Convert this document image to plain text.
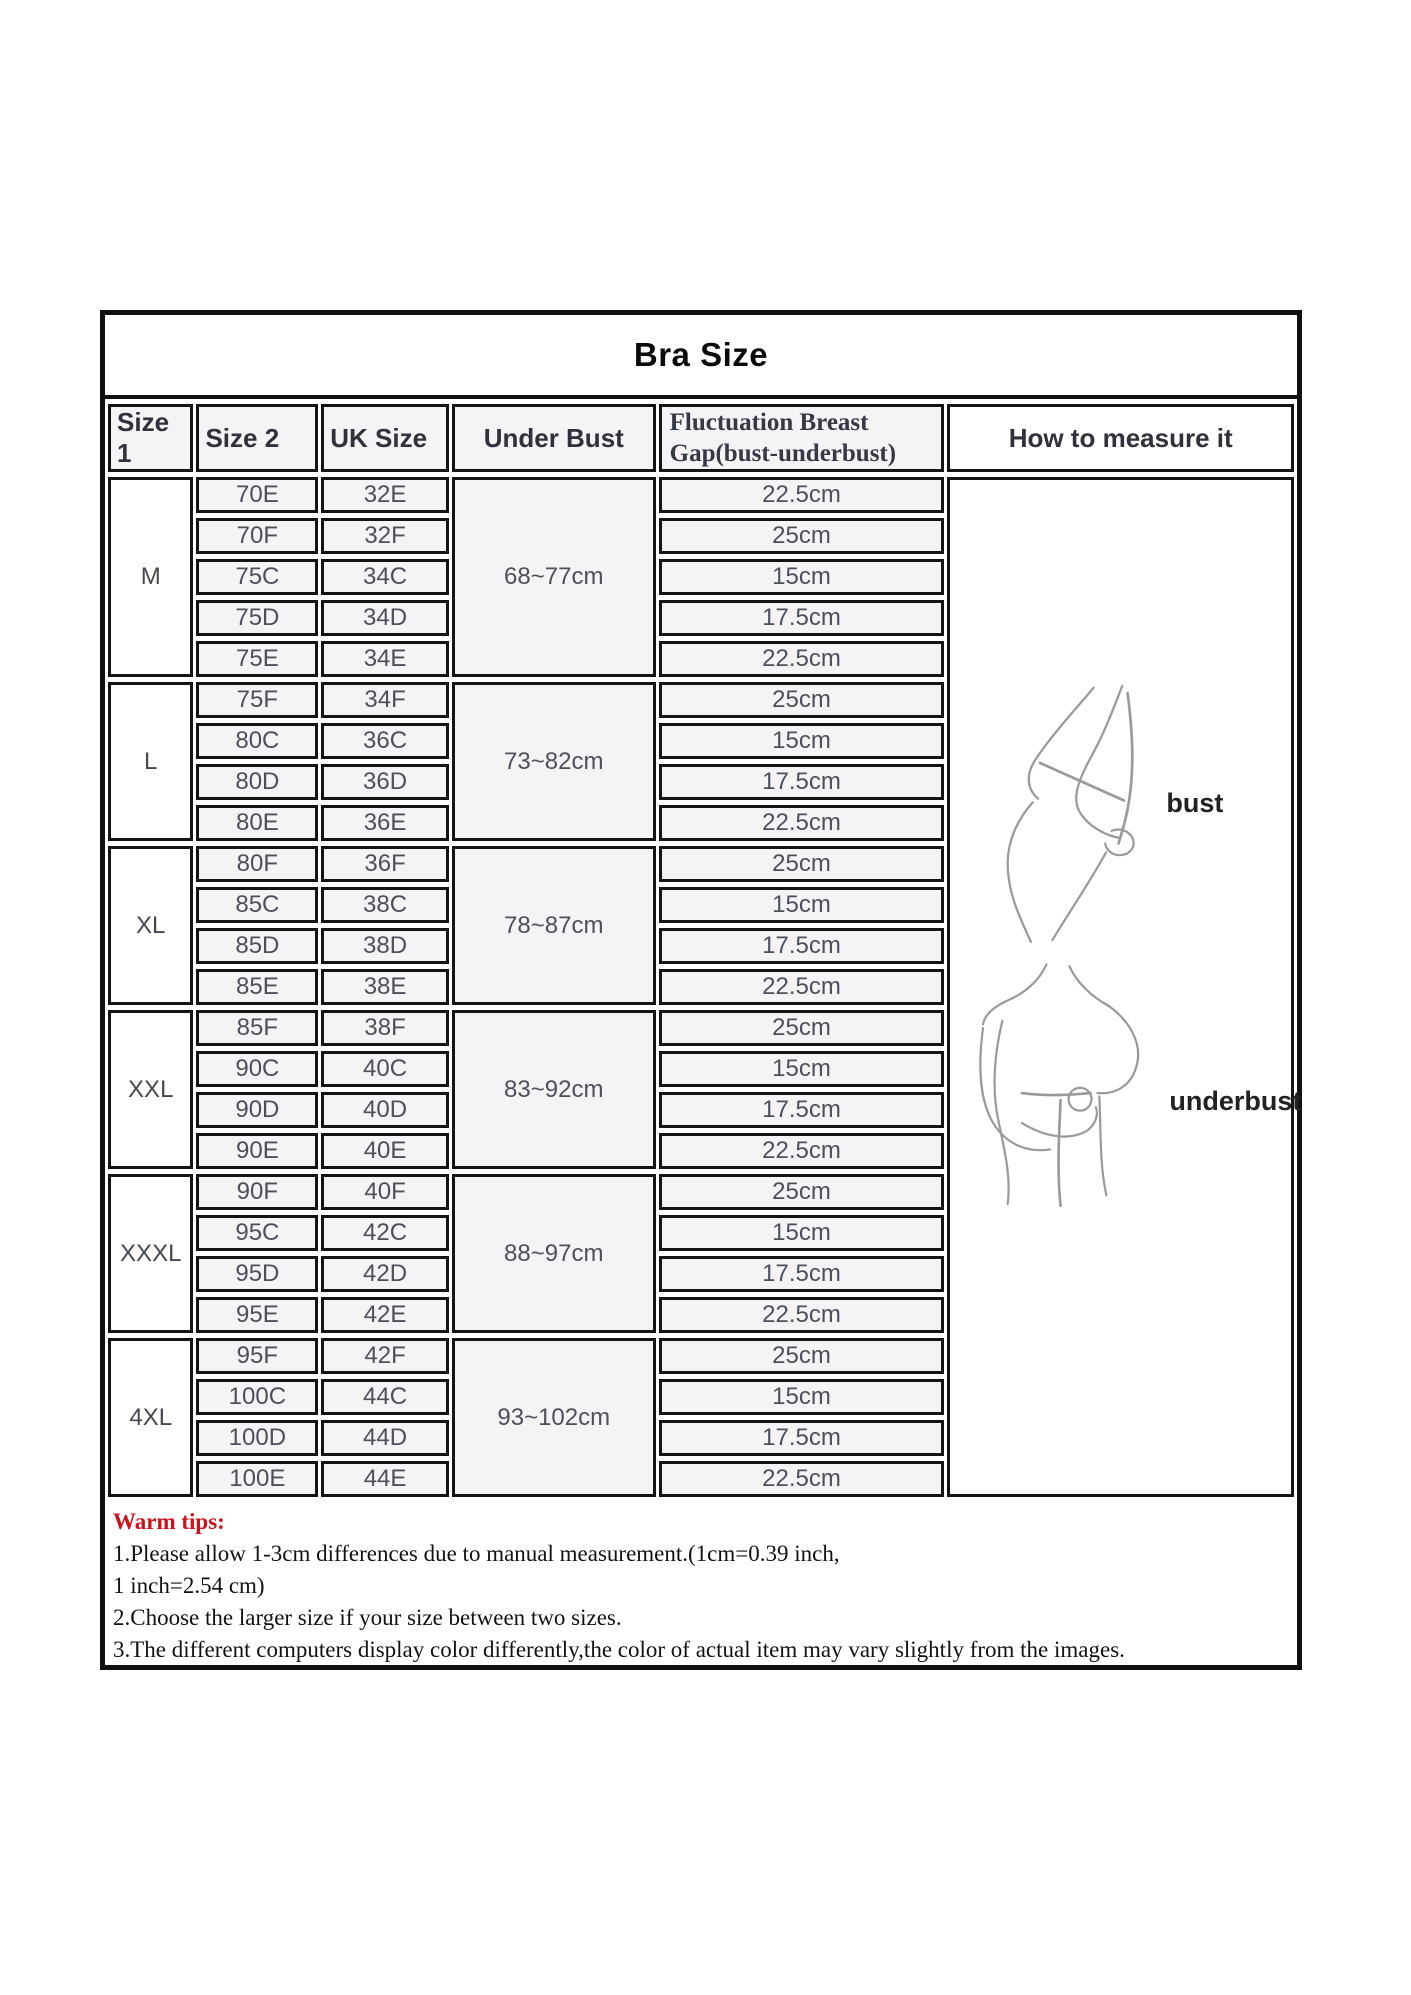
Bra Size
Size 1	Size 2	UK Size	Under Bust	Fluctuation Breast
Gap(bust-underbust)	How to measure it
M	70E	32E	68~77cm	22.5cm	bust
underbust

	70F	32F		25cm	
	75C	34C		15cm	
	75D	34D		17.5cm	
	75E	34E		22.5cm	
L	75F	34F	73~82cm	25cm	
	80C	36C		15cm	
	80D	36D		17.5cm	
	80E	36E		22.5cm	
XL	80F	36F	78~87cm	25cm	
	85C	38C		15cm	
	85D	38D		17.5cm	
	85E	38E		22.5cm	
XXL	85F	38F	83~92cm	25cm	
	90C	40C		15cm	
	90D	40D		17.5cm	
	90E	40E		22.5cm	
XXXL	90F	40F	88~97cm	25cm	
	95C	42C		15cm	
	95D	42D		17.5cm	
	95E	42E		22.5cm	
4XL	95F	42F	93~102cm	25cm	
	100C	44C		15cm	
	100D	44D		17.5cm	
	100E	44E		22.5cm	

Warm tips:

1.Please allow 1-3cm differences due to manual measurement.(1cm=0.39 inch,

1 inch=2.54 cm)

2.Choose the larger size if your size between two sizes.

3.The different computers display color differently,the color of actual item may vary slightly from the images.
